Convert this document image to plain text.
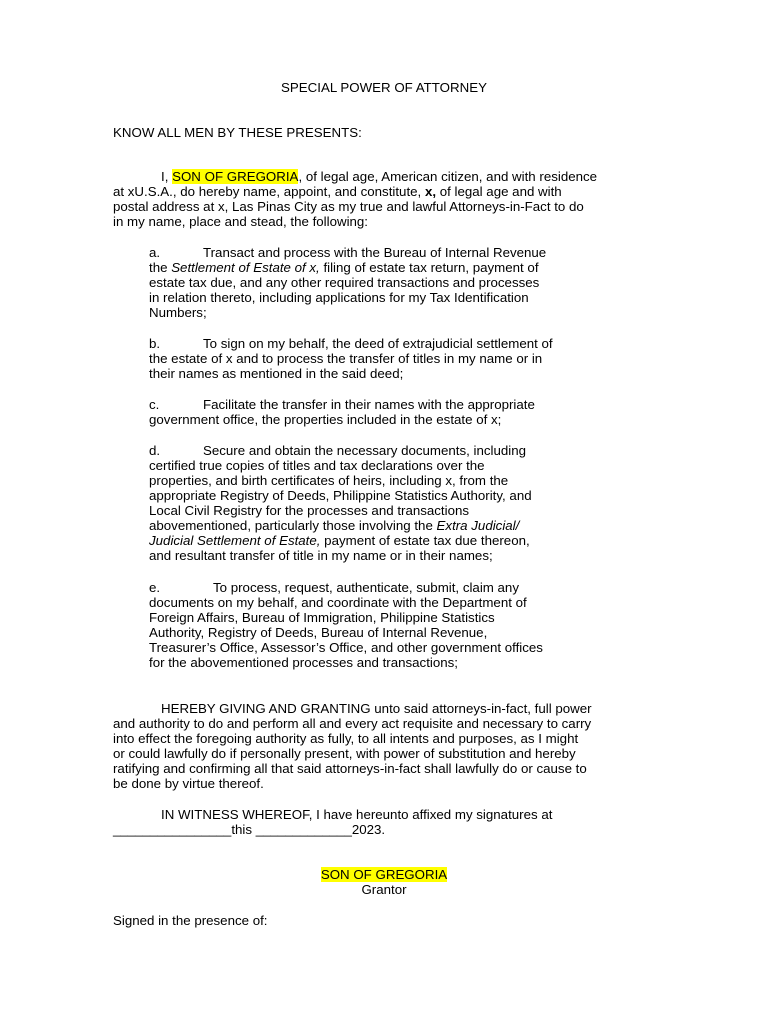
SPECIAL POWER OF ATTORNEY
KNOW ALL MEN BY THESE PRESENTS:
I, SON OF GREGORIA, of legal age, American citizen, and with residence
at xU.S.A., do hereby name, appoint, and constitute, x, of legal age and with
postal address at x, Las Pinas City as my true and lawful Attorneys-in-Fact to do
in my name, place and stead, the following:
a.	Transact and process with the Bureau of Internal Revenue
the Settlement of Estate of x, filing of estate tax return, payment of
estate tax due, and any other required transactions and processes
in relation thereto, including applications for my Tax Identification
Numbers;
b.	To sign on my behalf, the deed of extrajudicial settlement of
the estate of x and to process the transfer of titles in my name or in
their names as mentioned in the said deed;
c.	Facilitate the transfer in their names with the appropriate
government office, the properties included in the estate of x;
d.	Secure and obtain the necessary documents, including
certified true copies of titles and tax declarations over the
properties, and birth certificates of heirs, including x, from the
appropriate Registry of Deeds, Philippine Statistics Authority, and
Local Civil Registry for the processes and transactions
abovementioned, particularly those involving the Extra Judicial/
Judicial Settlement of Estate, payment of estate tax due thereon,
and resultant transfer of title in my name or in their names;
e.	To process, request, authenticate, submit, claim any
documents on my behalf, and coordinate with the Department of
Foreign Affairs, Bureau of Immigration, Philippine Statistics
Authority, Registry of Deeds, Bureau of Internal Revenue,
Treasurer’s Office, Assessor’s Office, and other government offices
for the abovementioned processes and transactions;
HEREBY GIVING AND GRANTING unto said attorneys-in-fact, full power
and authority to do and perform all and every act requisite and necessary to carry
into effect the foregoing authority as fully, to all intents and purposes, as I might
or could lawfully do if personally present, with power of substitution and hereby
ratifying and confirming all that said attorneys-in-fact shall lawfully do or cause to
be done by virtue thereof.
IN WITNESS WHEREOF, I have hereunto affixed my signatures at
________________this _____________2023.
SON OF GREGORIA
Grantor
Signed in the presence of:
